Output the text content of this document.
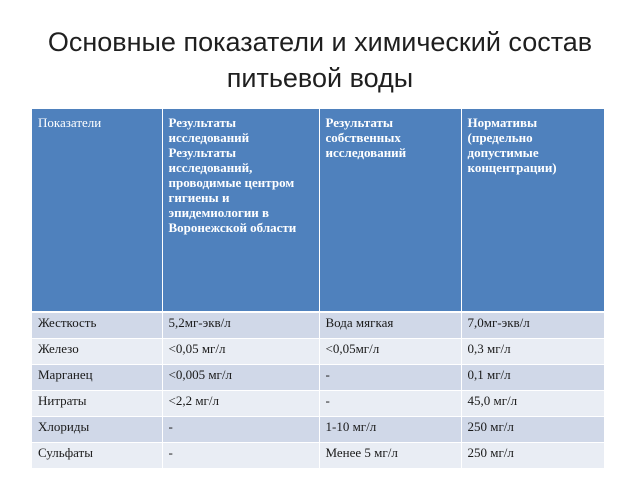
Основные показатели и химический состав
питьевой воды
Показатели	Результаты исследований Результаты исследований, проводимые центром гигиены и эпидемиологии в Воронежской области	Результаты собственных исследований	Нормативы (предельно допустимые концентрации)
Жесткость	5,2мг-экв/л	Вода мягкая	7,0мг-экв/л
Железо	<0,05 мг/л	<0,05мг/л	0,3 мг/л
Марганец	<0,005 мг/л	-	0,1 мг/л
Нитраты	<2,2 мг/л	-	45,0 мг/л
Хлориды	-	1-10 мг/л	250 мг/л
Сульфаты	-	Менее 5 мг/л	250 мг/л
